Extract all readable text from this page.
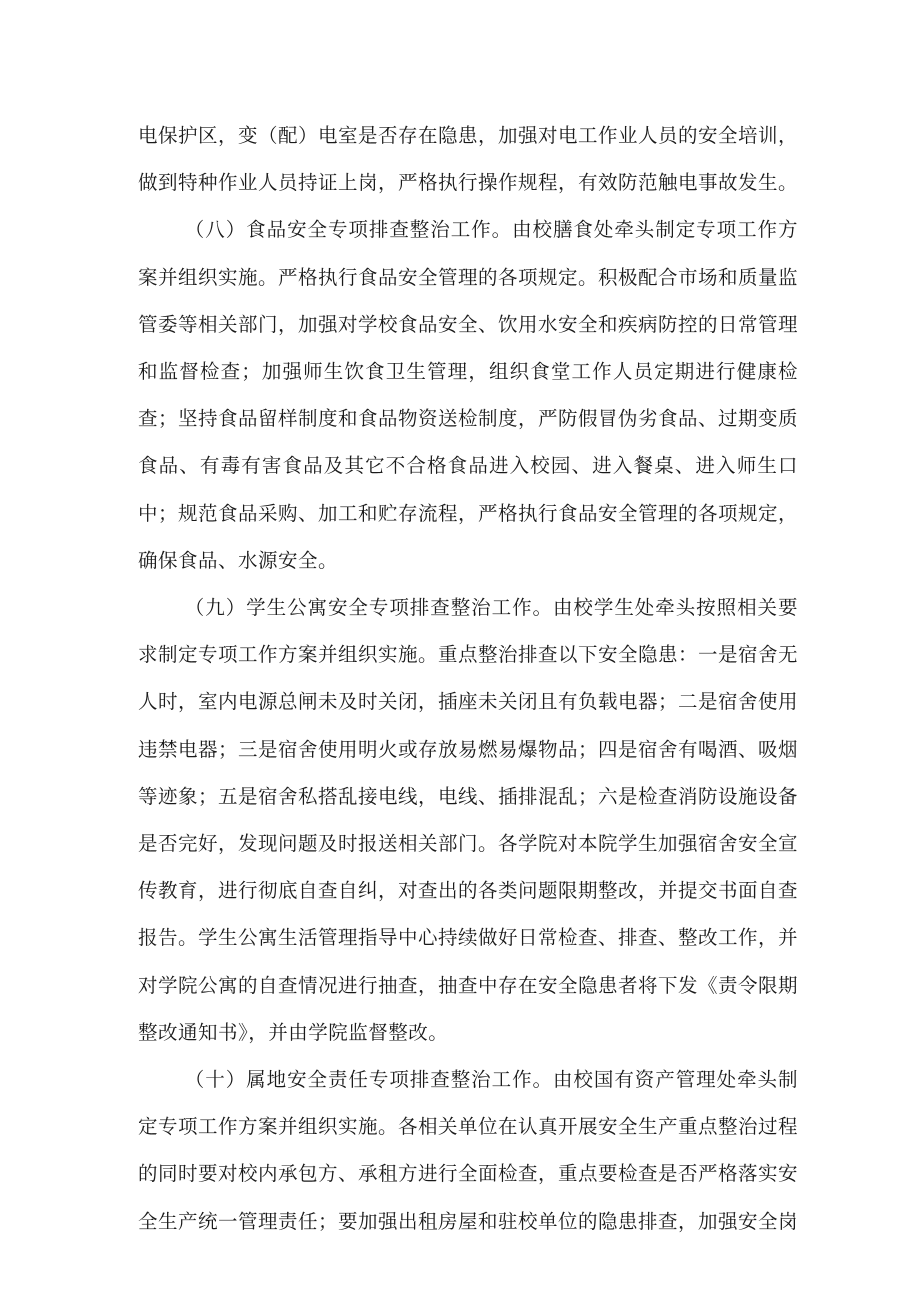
电保护区，变（配）电室是否存在隐患，加强对电工作业人员的安全培训，做到特种作业人员持证上岗，严格执行操作规程，有效防范触电事故发生。

（八）食品安全专项排查整治工作。由校膳食处牵头制定专项工作方案并组织实施。严格执行食品安全管理的各项规定。积极配合市场和质量监管委等相关部门，加强对学校食品安全、饮用水安全和疾病防控的日常管理和监督检查；加强师生饮食卫生管理，组织食堂工作人员定期进行健康检查；坚持食品留样制度和食品物资送检制度，严防假冒伪劣食品、过期变质食品、有毒有害食品及其它不合格食品进入校园、进入餐桌、进入师生口中；规范食品采购、加工和贮存流程，严格执行食品安全管理的各项规定，确保食品、水源安全。

（九）学生公寓安全专项排查整治工作。由校学生处牵头按照相关要求制定专项工作方案并组织实施。重点整治排查以下安全隐患：一是宿舍无人时，室内电源总闸未及时关闭，插座未关闭且有负载电器；二是宿舍使用违禁电器；三是宿舍使用明火或存放易燃易爆物品；四是宿舍有喝酒、吸烟等迹象；五是宿舍私搭乱接电线，电线、插排混乱；六是检查消防设施设备是否完好，发现问题及时报送相关部门。各学院对本院学生加强宿舍安全宣传教育，进行彻底自查自纠，对查出的各类问题限期整改，并提交书面自查报告。学生公寓生活管理指导中心持续做好日常检查、排查、整改工作，并对学院公寓的自查情况进行抽查，抽查中存在安全隐患者将下发《责令限期整改通知书》，并由学院监督整改。

（十）属地安全责任专项排查整治工作。由校国有资产管理处牵头制定专项工作方案并组织实施。各相关单位在认真开展安全生产重点整治过程的同时要对校内承包方、承租方进行全面检查，重点要检查是否严格落实安全生产统一管理责任；要加强出租房屋和驻校单位的隐患排查，加强安全岗
